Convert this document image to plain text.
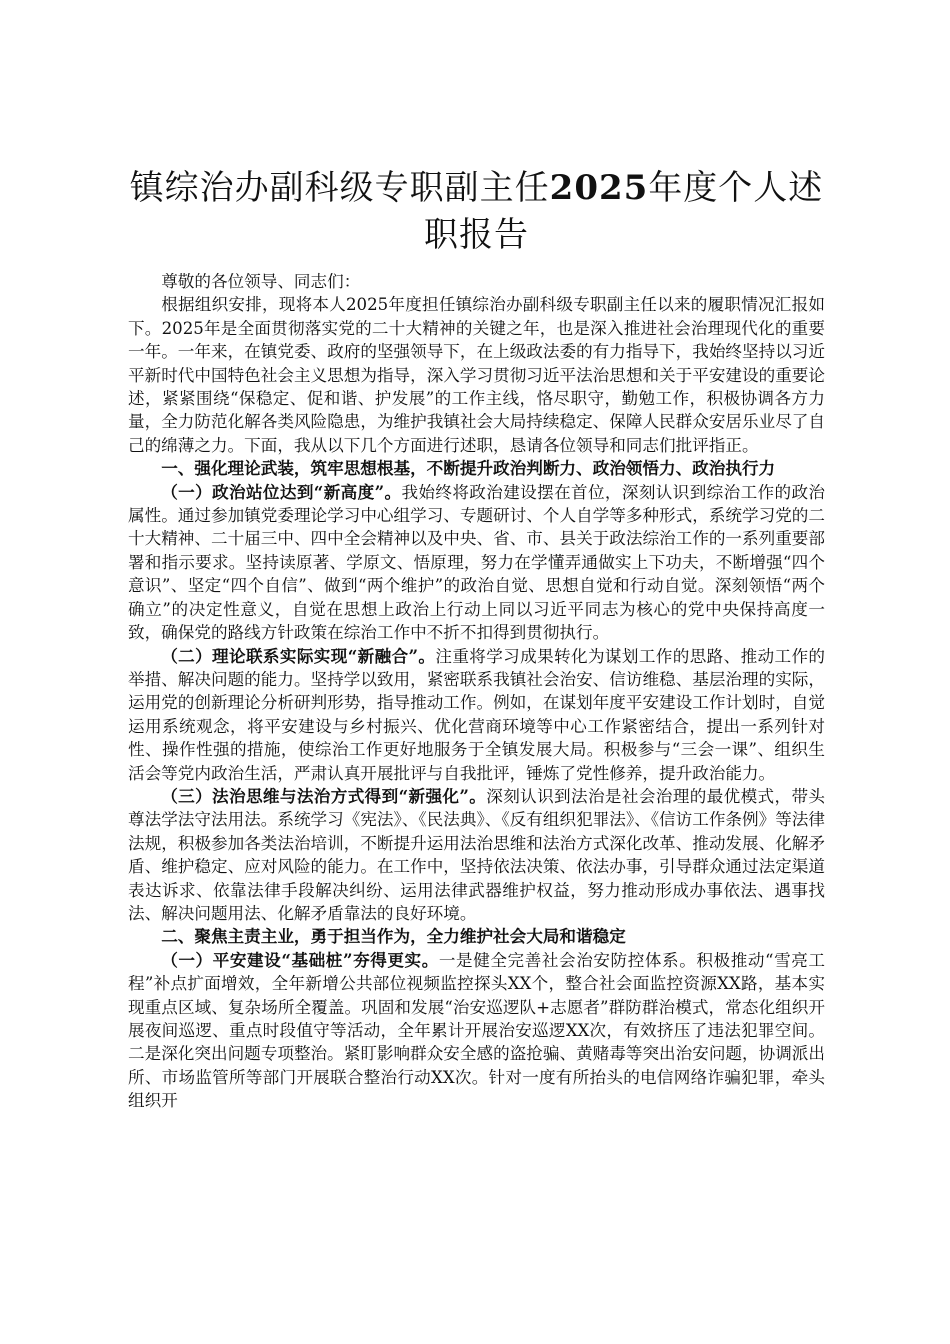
镇综治办副科级专职副主任2025年度个人述职报告

尊敬的各位领导、同志们：

根据组织安排，现将本人2025年度担任镇综治办副科级专职副主任以来的履职情况汇报如下。2025年是全面贯彻落实党的二十大精神的关键之年，也是深入推进社会治理现代化的重要一年。一年来，在镇党委、政府的坚强领导下，在上级政法委的有力指导下，我始终坚持以习近平新时代中国特色社会主义思想为指导，深入学习贯彻习近平法治思想和关于平安建设的重要论述，紧紧围绕“保稳定、促和谐、护发展”的工作主线，恪尽职守，勤勉工作，积极协调各方力量，全力防范化解各类风险隐患，为维护我镇社会大局持续稳定、保障人民群众安居乐业尽了自己的绵薄之力。下面，我从以下几个方面进行述职，恳请各位领导和同志们批评指正。

一、强化理论武装，筑牢思想根基，不断提升政治判断力、政治领悟力、政治执行力

（一）政治站位达到“新高度”。我始终将政治建设摆在首位，深刻认识到综治工作的政治属性。通过参加镇党委理论学习中心组学习、专题研讨、个人自学等多种形式，系统学习党的二十大精神、二十届三中、四中全会精神以及中央、省、市、县关于政法综治工作的一系列重要部署和指示要求。坚持读原著、学原文、悟原理，努力在学懂弄通做实上下功夫，不断增强“四个意识”、坚定“四个自信”、做到“两个维护”的政治自觉、思想自觉和行动自觉。深刻领悟“两个确立”的决定性意义，自觉在思想上政治上行动上同以习近平同志为核心的党中央保持高度一致，确保党的路线方针政策在综治工作中不折不扣得到贯彻执行。

（二）理论联系实际实现“新融合”。注重将学习成果转化为谋划工作的思路、推动工作的举措、解决问题的能力。坚持学以致用，紧密联系我镇社会治安、信访维稳、基层治理的实际，运用党的创新理论分析研判形势，指导推动工作。例如，在谋划年度平安建设工作计划时，自觉运用系统观念，将平安建设与乡村振兴、优化营商环境等中心工作紧密结合，提出一系列针对性、操作性强的措施，使综治工作更好地服务于全镇发展大局。积极参与“三会一课”、组织生活会等党内政治生活，严肃认真开展批评与自我批评，锤炼了党性修养，提升政治能力。

（三）法治思维与法治方式得到“新强化”。深刻认识到法治是社会治理的最优模式，带头尊法学法守法用法。系统学习《宪法》、《民法典》、《反有组织犯罪法》、《信访工作条例》等法律法规，积极参加各类法治培训，不断提升运用法治思维和法治方式深化改革、推动发展、化解矛盾、维护稳定、应对风险的能力。在工作中，坚持依法决策、依法办事，引导群众通过法定渠道表达诉求、依靠法律手段解决纠纷、运用法律武器维护权益，努力推动形成办事依法、遇事找法、解决问题用法、化解矛盾靠法的良好环境。

二、聚焦主责主业，勇于担当作为，全力维护社会大局和谐稳定

（一）平安建设“基础桩”夯得更实。一是健全完善社会治安防控体系。积极推动“雪亮工程”补点扩面增效，全年新增公共部位视频监控探头XX个，整合社会面监控资源XX路，基本实现重点区域、复杂场所全覆盖。巩固和发展“治安巡逻队+志愿者”群防群治模式，常态化组织开展夜间巡逻、重点时段值守等活动，全年累计开展治安巡逻XX次，有效挤压了违法犯罪空间。二是深化突出问题专项整治。紧盯影响群众安全感的盗抢骗、黄赌毒等突出治安问题，协调派出所、市场监管所等部门开展联合整治行动XX次。针对一度有所抬头的电信网络诈骗犯罪，牵头组织开
